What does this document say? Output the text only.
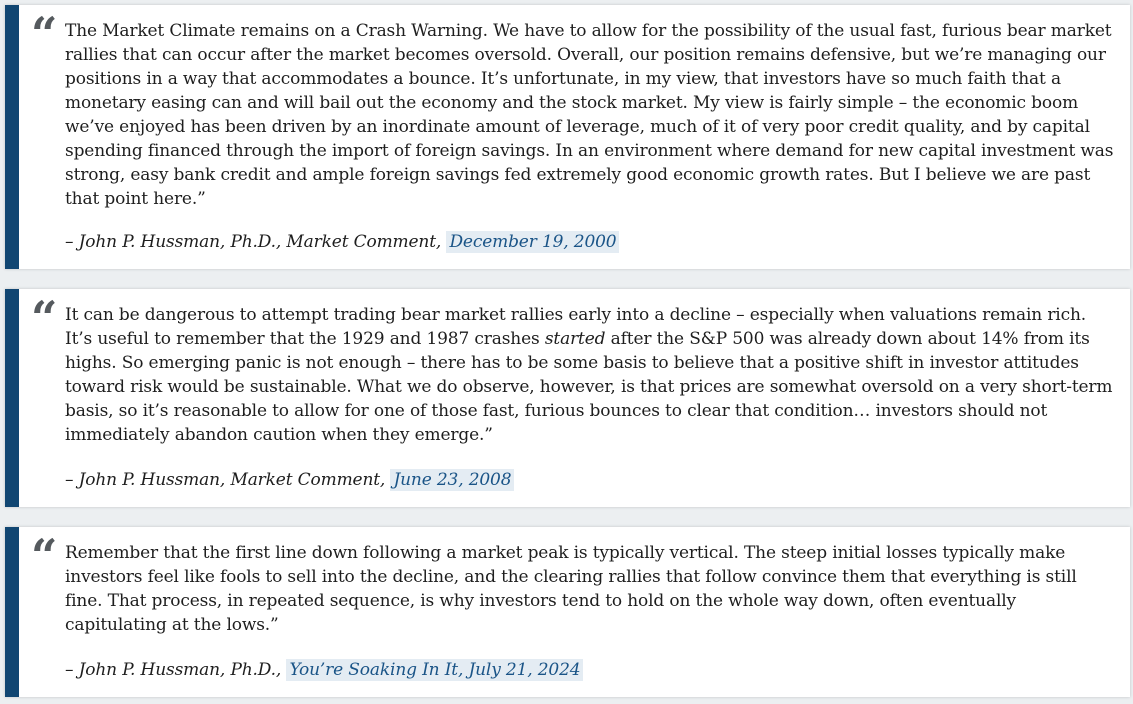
“ The Market Climate remains on a Crash Warning. We have to allow for the possibility of the usual fast, furious bear market rallies that can occur after the market becomes oversold. Overall, our position remains defensive, but we’re managing our positions in a way that accommodates a bounce. It’s unfortunate, in my view, that investors have so much faith that a monetary easing can and will bail out the economy and the stock market. My view is fairly simple – the economic boom we’ve enjoyed has been driven by an inordinate amount of leverage, much of it of very poor credit quality, and by capital spending financed through the import of foreign savings. In an environment where demand for new capital investment was strong, easy bank credit and ample foreign savings fed extremely good economic growth rates. But I believe we are past that point here.”

– John P. Hussman, Ph.D., Market Comment, December 19, 2000
“ It can be dangerous to attempt trading bear market rallies early into a decline – especially when valuations remain rich. It’s useful to remember that the 1929 and 1987 crashes started after the S&P 500 was already down about 14% from its highs. So emerging panic is not enough – there has to be some basis to believe that a positive shift in investor attitudes toward risk would be sustainable. What we do observe, however, is that prices are somewhat oversold on a very short-term basis, so it’s reasonable to allow for one of those fast, furious bounces to clear that condition… investors should not immediately abandon caution when they emerge.”

– John P. Hussman, Market Comment, June 23, 2008
“ Remember that the first line down following a market peak is typically vertical. The steep initial losses typically make investors feel like fools to sell into the decline, and the clearing rallies that follow convince them that everything is still fine. That process, in repeated sequence, is why investors tend to hold on the whole way down, often eventually capitulating at the lows.”

– John P. Hussman, Ph.D., You’re Soaking In It, July 21, 2024
